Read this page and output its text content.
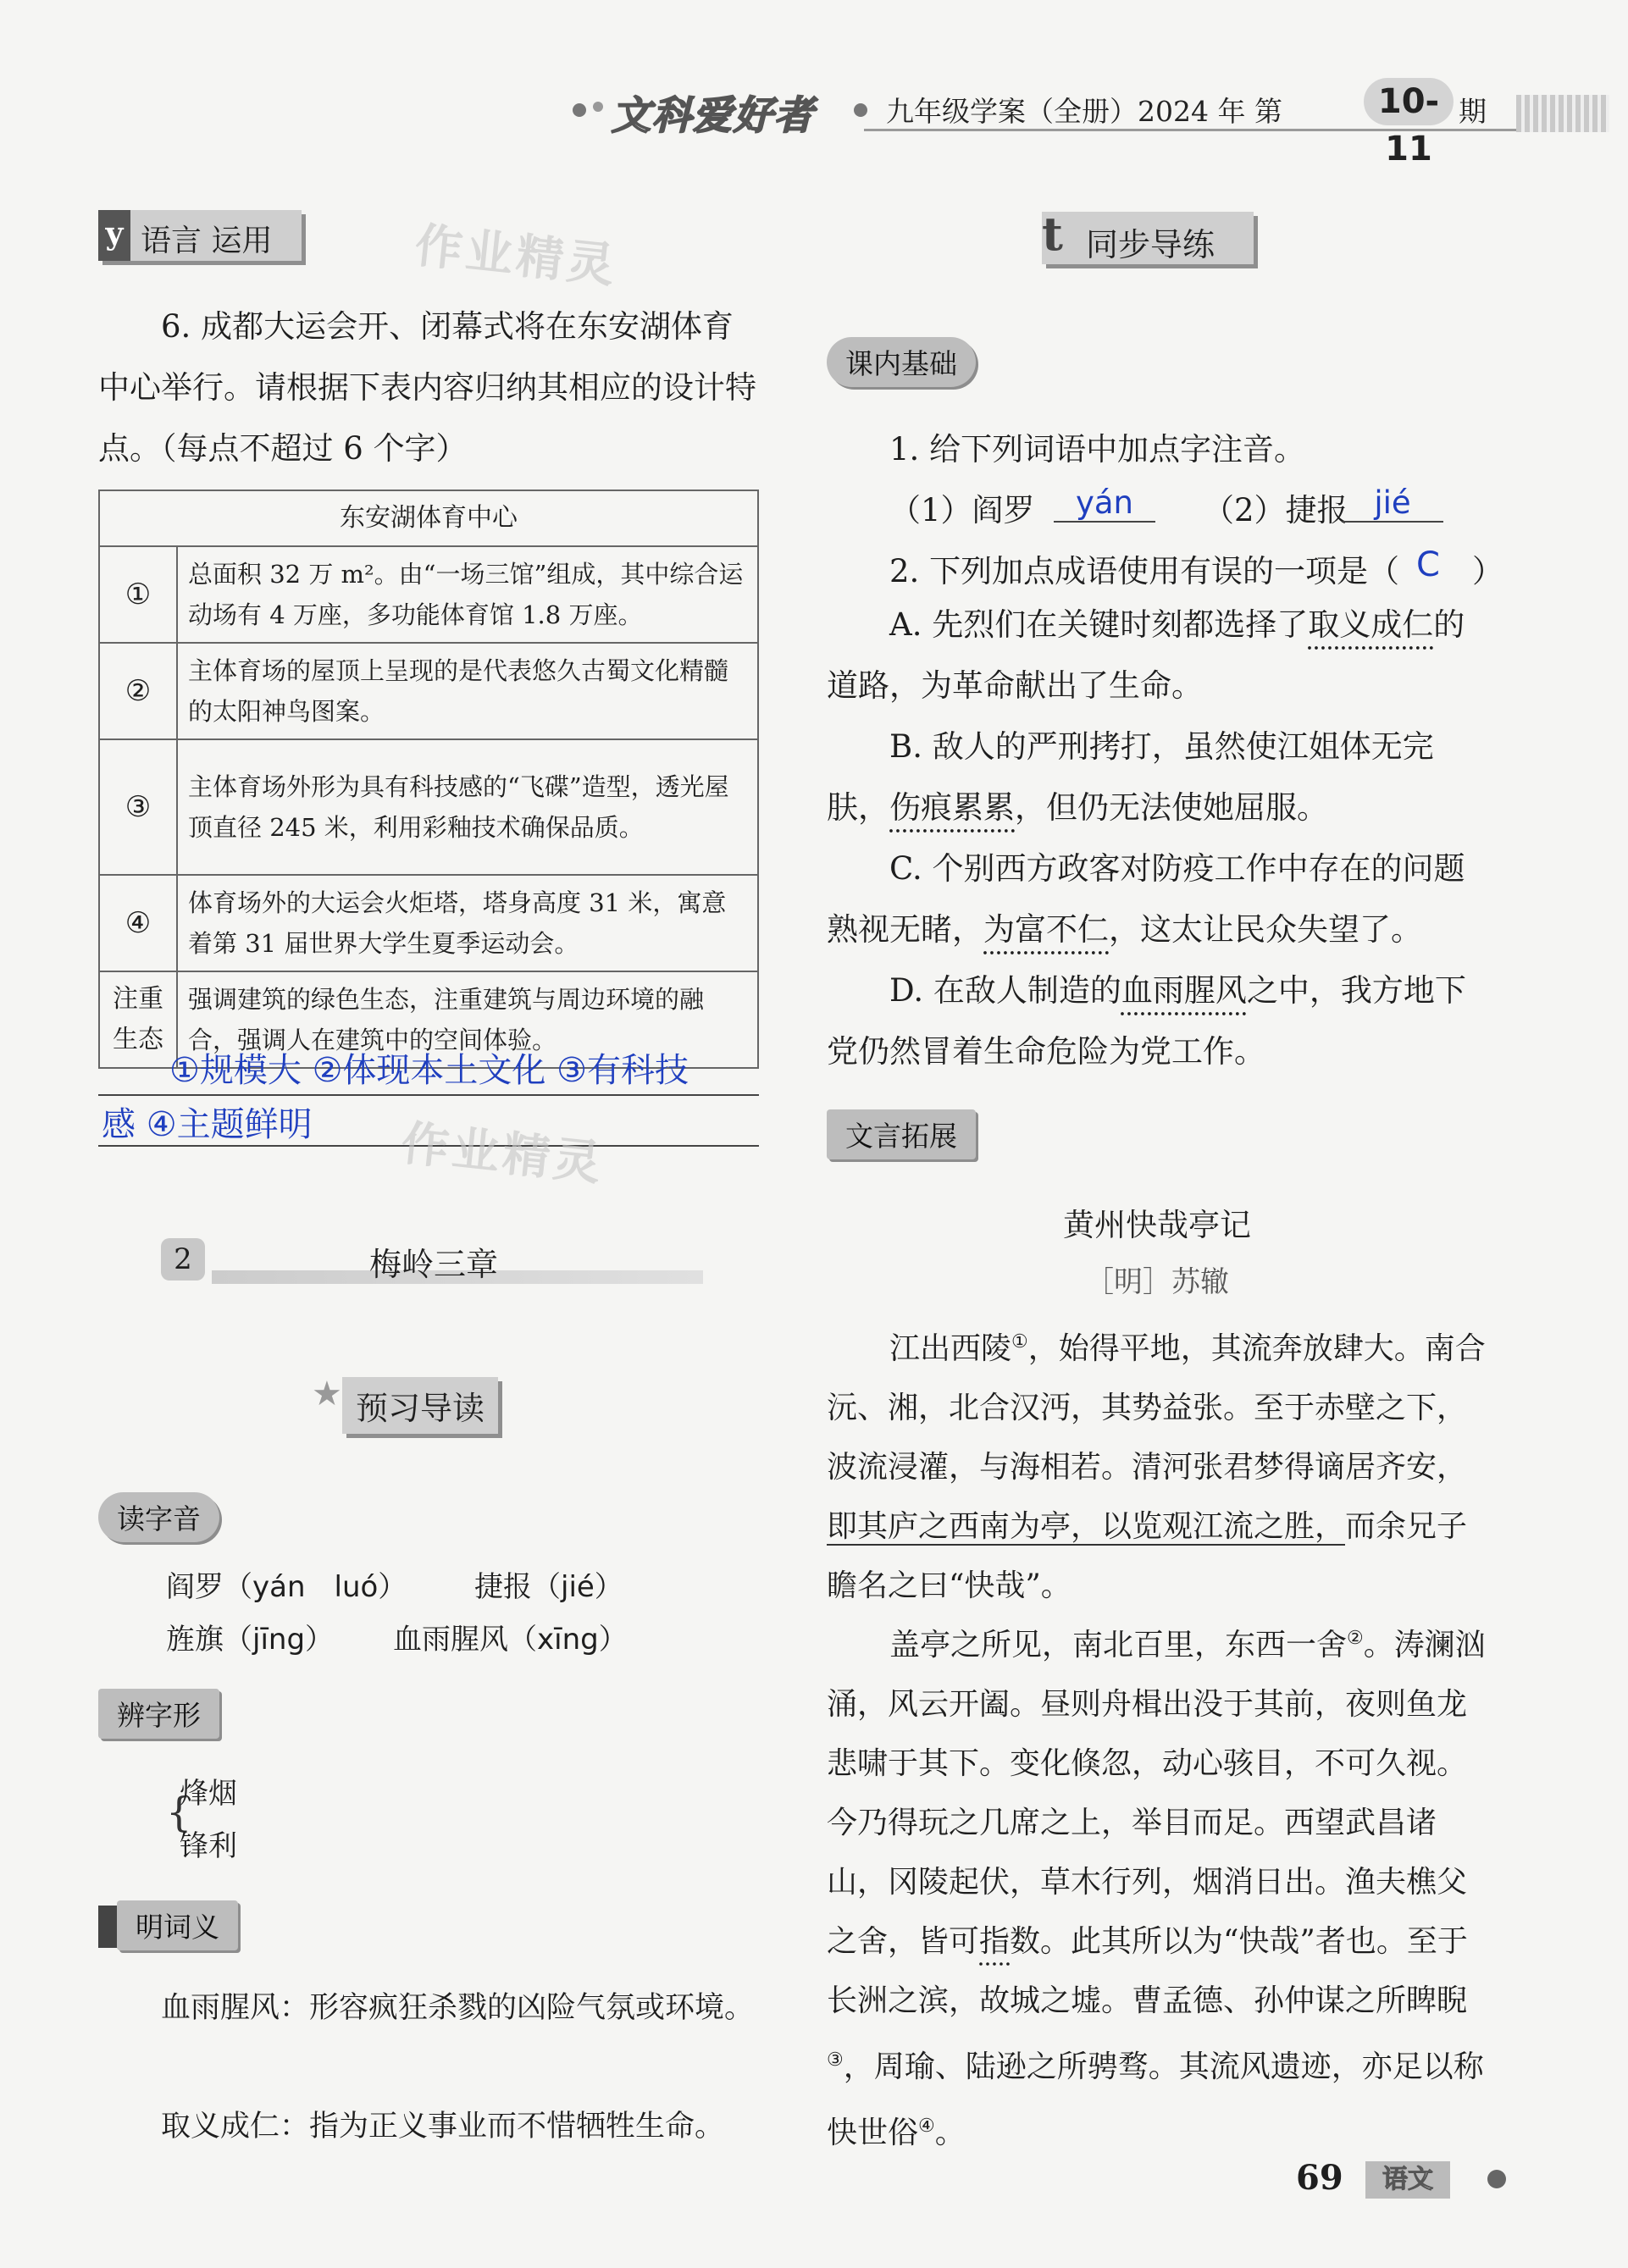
文科爱好者	九年级学案（全册）2024 年 第	10-11
期
y 语言 运用	作业精灵

6. 成都大运会开、闭幕式将在东安湖体育中心举行。请根据下表内容归纳其相应的设计特点。（每点不超过 6 个字）

东安湖体育中心	
①	总面积 32 万 m²。由“一场三馆”组成，其中综合运动场有 4 万座，多功能体育馆 1.8 万座。
②	主体育场的屋顶上呈现的是代表悠久古蜀文化精髓的太阳神鸟图案。
③	主体育场外形为具有科技感的“飞碟”造型，透光屋顶直径 245 米，利用彩釉技术确保品质。
④	体育场外的大运会火炬塔，塔身高度 31 米，寓意着第 31 届世界大学生夏季运动会。
注重生态	强调建筑的绿色生态，注重建筑与周边环境的融合，强调人在建筑中的空间体验。
①规模大 ②体现本土文化 ③有科技
感 ④主题鲜明 作业精灵
2	梅岭三章
★ 预习导读
读字音
阎罗（yán　luó） 捷报（jié）
旌旗（jīng） 血雨腥风（xīng）
辨字形
{
烽烟
锋利
明词义

血雨腥风：形容疯狂杀戮的凶险气氛或环境。

取义成仁：指为正义事业而不惜牺牲生命。

t 同步导练
课内基础
1. 给下列词语中加点字注音。
（1）阎罗	yán	（2）捷报 jié
2. 下列加点成语使用有误的一项是（ C ）

A. 先烈们在关键时刻都选择了取义成仁的道路，为革命献出了生命。

B. 敌人的严刑拷打，虽然使江姐体无完肤，伤痕累累，但仍无法使她屈服。

C. 个别西方政客对防疫工作中存在的问题熟视无睹，为富不仁，这太让民众失望了。

D. 在敌人制造的血雨腥风之中，我方地下党仍然冒着生命危险为党工作。

文言拓展
黄州快哉亭记
［明］苏辙

江出西陵①，始得平地，其流奔放肆大。南合沅、湘，北合汉沔，其势益张。至于赤壁之下，波流浸灌，与海相若。清河张君梦得谪居齐安，即其庐之西南为亭，以览观江流之胜，而余兄子瞻名之曰“快哉”。

盖亭之所见，南北百里，东西一舍②。涛澜汹涌，风云开阖。昼则舟楫出没于其前，夜则鱼龙悲啸于其下。变化倏忽，动心骇目，不可久视。今乃得玩之几席之上，举目而足。西望武昌诸山，冈陵起伏，草木行列，烟消日出。渔夫樵父之舍，皆可指数。此其所以为“快哉”者也。至于长洲之滨，故城之墟。曹孟德、孙仲谋之所睥睨③，周瑜、陆逊之所骋骛。其流风遗迹，亦足以称快世俗④。

69	语文
